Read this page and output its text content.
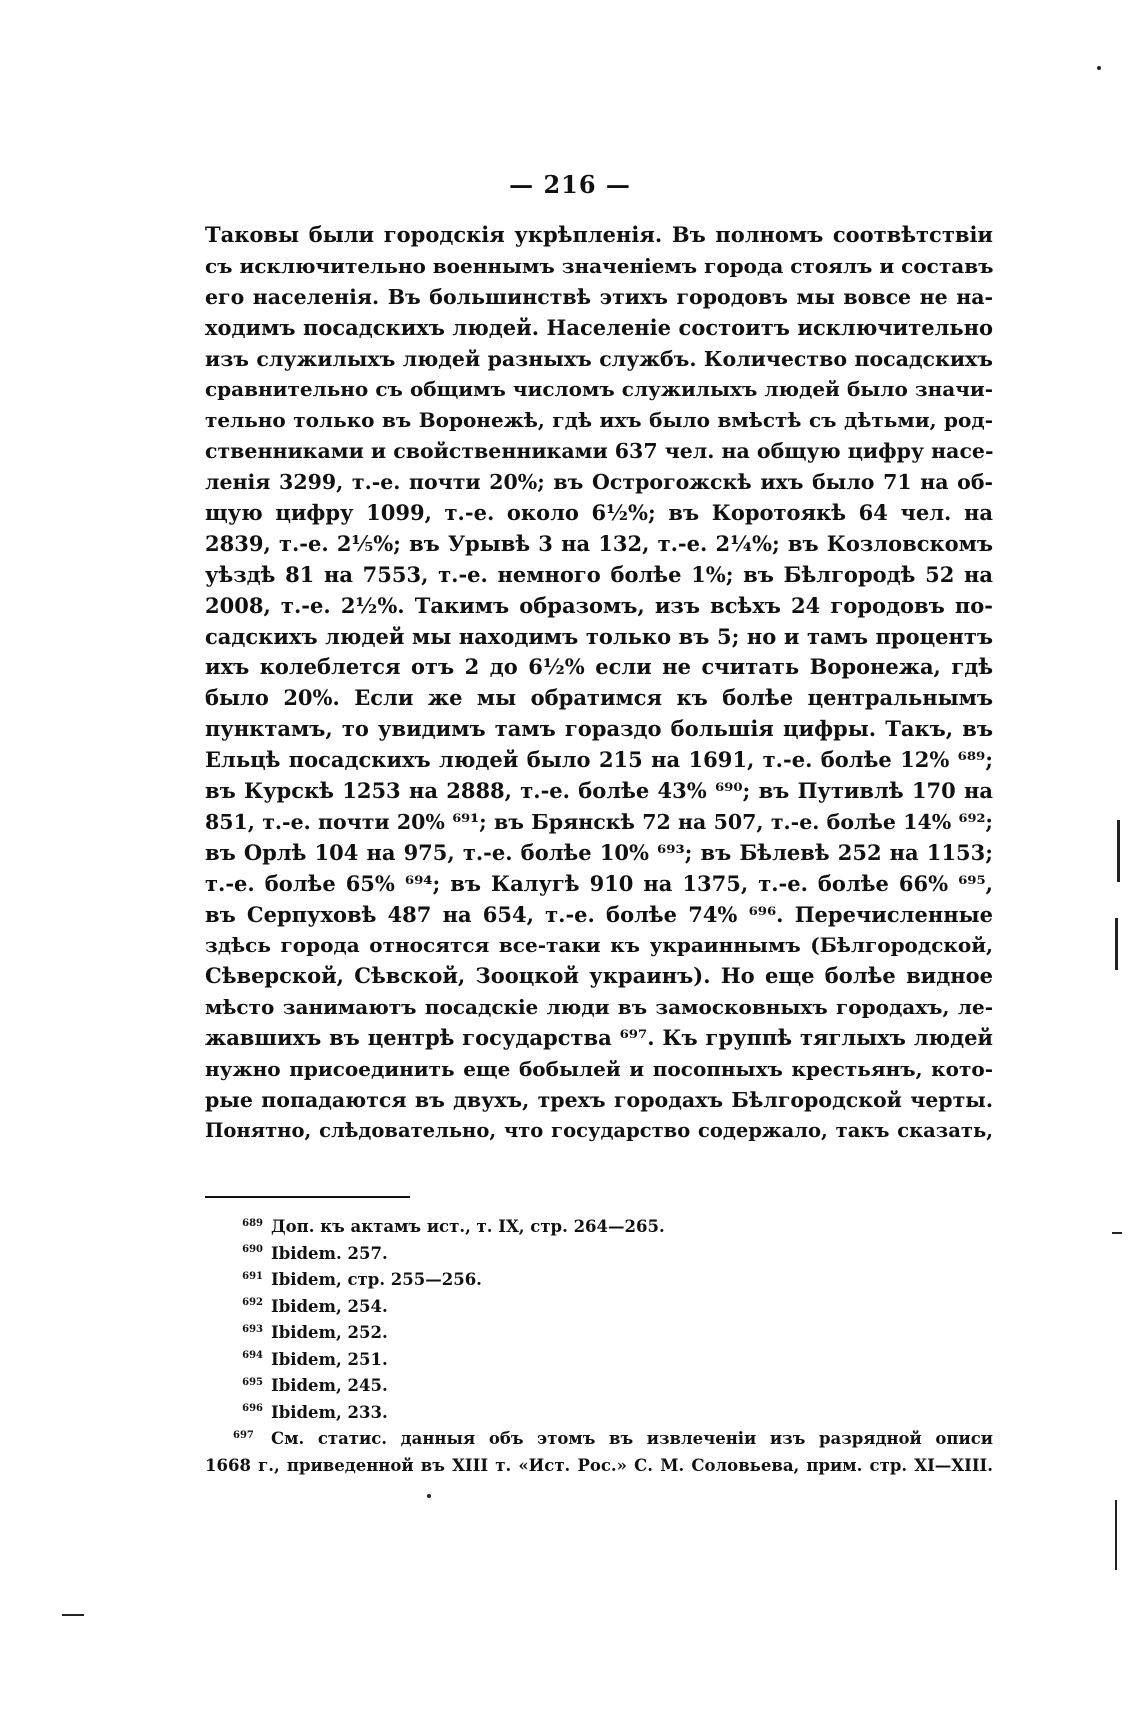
— 216 —
Таковы были городскія укрѣпленія. Въ полномъ соотвѣтствіи
съ исключительно военнымъ значеніемъ города стоялъ и составъ
его населенія. Въ большинствѣ этихъ городовъ мы вовсе не на-
ходимъ посадскихъ людей. Населеніе состоитъ исключительно
изъ служилыхъ людей разныхъ службъ. Количество посадскихъ
сравнительно съ общимъ числомъ служилыхъ людей было значи-
тельно только въ Воронежѣ, гдѣ ихъ было вмѣстѣ съ дѣтьми, род-
ственниками и свойственниками 637 чел. на общую цифру насе-
ленія 3299, т.-е. почти 20%; въ Острогожскѣ ихъ было 71 на об-
щую цифру 1099, т.-е. около 6½%; въ Коротоякѣ 64 чел. на
2839, т.-е. 2⅕%; въ Урывѣ 3 на 132, т.-е. 2¼%; въ Козловскомъ
уѣздѣ 81 на 7553, т.-е. немного болѣе 1%; въ Бѣлгородѣ 52 на
2008, т.-е. 2½%. Такимъ образомъ, изъ всѣхъ 24 городовъ по-
садскихъ людей мы находимъ только въ 5; но и тамъ процентъ
ихъ колеблется отъ 2 до 6½% если не считать Воронежа, гдѣ
было 20%. Если же мы обратимся къ болѣе центральнымъ
пунктамъ, то увидимъ тамъ гораздо большія цифры. Такъ, въ
Ельцѣ посадскихъ людей было 215 на 1691, т.-е. болѣе 12% ⁶⁸⁹;
въ Курскѣ 1253 на 2888, т.-е. болѣе 43% ⁶⁹⁰; въ Путивлѣ 170 на
851, т.-е. почти 20% ⁶⁹¹; въ Брянскѣ 72 на 507, т.-е. болѣе 14% ⁶⁹²;
въ Орлѣ 104 на 975, т.-е. болѣе 10% ⁶⁹³; въ Бѣлевѣ 252 на 1153;
т.-е. болѣе 65% ⁶⁹⁴; въ Калугѣ 910 на 1375, т.-е. болѣе 66% ⁶⁹⁵,
въ Серпуховѣ 487 на 654, т.-е. болѣе 74% ⁶⁹⁶. Перечисленные
здѣсь города относятся все-таки къ украиннымъ (Бѣлгородской,
Сѣверской, Сѣвской, Зооцкой украинъ). Но еще болѣе видное
мѣсто занимаютъ посадскіе люди въ замосковныхъ городахъ, ле-
жавшихъ въ центрѣ государства ⁶⁹⁷. Къ группѣ тяглыхъ людей
нужно присоединить еще бобылей и посопныхъ крестьянъ, кото-
рые попадаются въ двухъ, трехъ городахъ Бѣлгородской черты.
Понятно, слѣдовательно, что государство содержало, такъ сказать,
689 Доп. къ актамъ ист., т. IX, стр. 264—265.
690 Ibidem. 257.
691 Ibidem, стр. 255—256.
692 Ibidem, 254.
693 Ibidem, 252.
694 Ibidem, 251.
695 Ibidem, 245.
696 Ibidem, 233.
697 См. статис. данныя объ этомъ въ извлеченіи изъ разрядной описи
1668 г., приведенной въ XIII т. «Ист. Рос.» С. М. Соловьева, прим. стр. XI—XIII.
